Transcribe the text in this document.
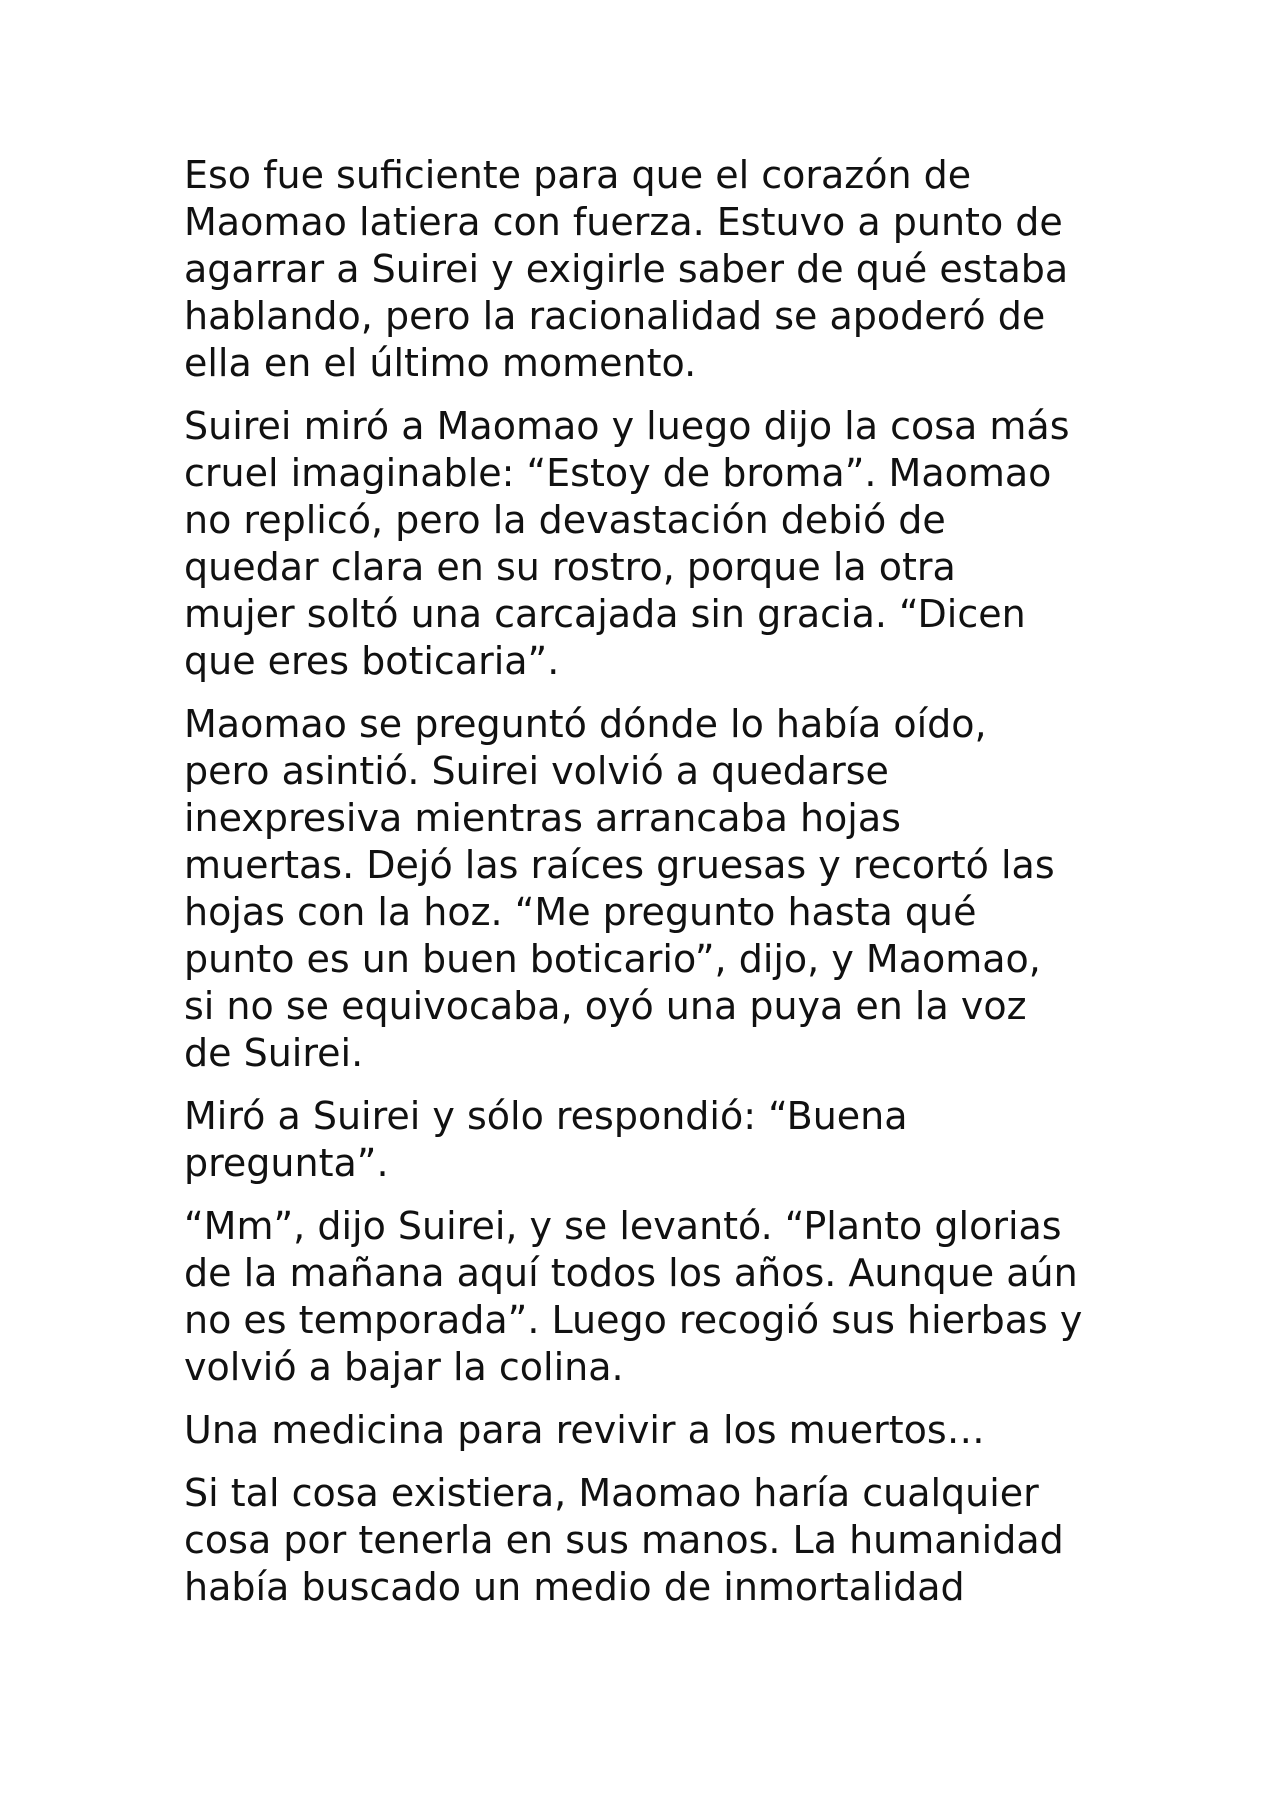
Eso fue suficiente para que el corazón de
Maomao latiera con fuerza. Estuvo a punto de
agarrar a Suirei y exigirle saber de qué estaba
hablando, pero la racionalidad se apoderó de
ella en el último momento.

Suirei miró a Maomao y luego dijo la cosa más
cruel imaginable: “Estoy de broma”. Maomao
no replicó, pero la devastación debió de
quedar clara en su rostro, porque la otra
mujer soltó una carcajada sin gracia. “Dicen
que eres boticaria”.

Maomao se preguntó dónde lo había oído,
pero asintió. Suirei volvió a quedarse
inexpresiva mientras arrancaba hojas
muertas. Dejó las raíces gruesas y recortó las
hojas con la hoz. “Me pregunto hasta qué
punto es un buen boticario”, dijo, y Maomao,
si no se equivocaba, oyó una puya en la voz
de Suirei.

Miró a Suirei y sólo respondió: “Buena
pregunta”.

“Mm”, dijo Suirei, y se levantó. “Planto glorias
de la mañana aquí todos los años. Aunque aún
no es temporada”. Luego recogió sus hierbas y
volvió a bajar la colina.

Una medicina para revivir a los muertos…

Si tal cosa existiera, Maomao haría cualquier
cosa por tenerla en sus manos. La humanidad
había buscado un medio de inmortalidad
